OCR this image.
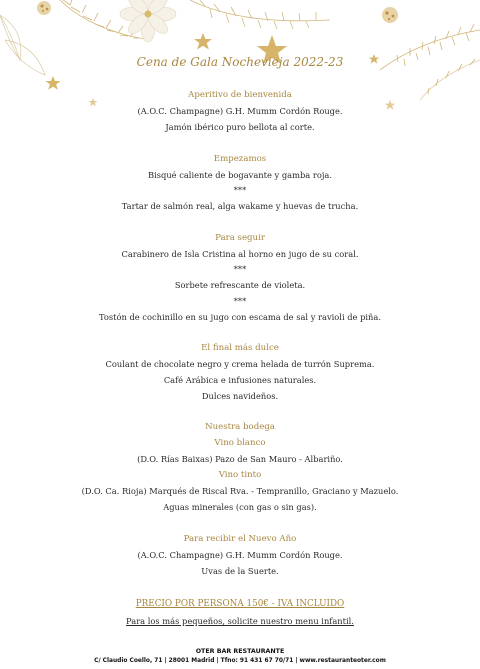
Cena de Gala Nochevieja 2022-23
Aperitivo de bienvenida
(A.O.C. Champagne) G.H. Mumm Cordón Rouge.
Jamón ibérico puro bellota al corte.
Empezamos
Bisqué caliente de bogavante y gamba roja.
***
Tartar de salmón real, alga wakame y huevas de trucha.
Para seguir
Carabinero de Isla Cristina al horno en jugo de su coral.
***
Sorbete refrescante de violeta.
***
Tostón de cochinillo en su jugo con escama de sal y ravioli de piña.
El final más dulce
Coulant de chocolate negro y crema helada de turrón Suprema.
Café Arábica e infusiones naturales.
Dulces navideños.
Nuestra bodega
Vino blanco
(D.O. Rías Baixas) Pazo de San Mauro - Albariño.
Vino tinto
(D.O. Ca. Rioja) Marqués de Riscal Rva. - Tempranillo, Graciano y Mazuelo.
Aguas minerales (con gas o sin gas).
Para recibir el Nuevo Año
(A.O.C. Champagne) G.H. Mumm Cordón Rouge.
Uvas de la Suerte.
PRECIO POR PERSONA 150€ - IVA INCLUIDO
Para los más pequeños, solicite nuestro menu infantil.
OTER BAR RESTAURANTE
C/ Claudio Coello, 71 | 28001 Madrid | Tfno: 91 431 67 70/71 | www.restauranteoter.com
